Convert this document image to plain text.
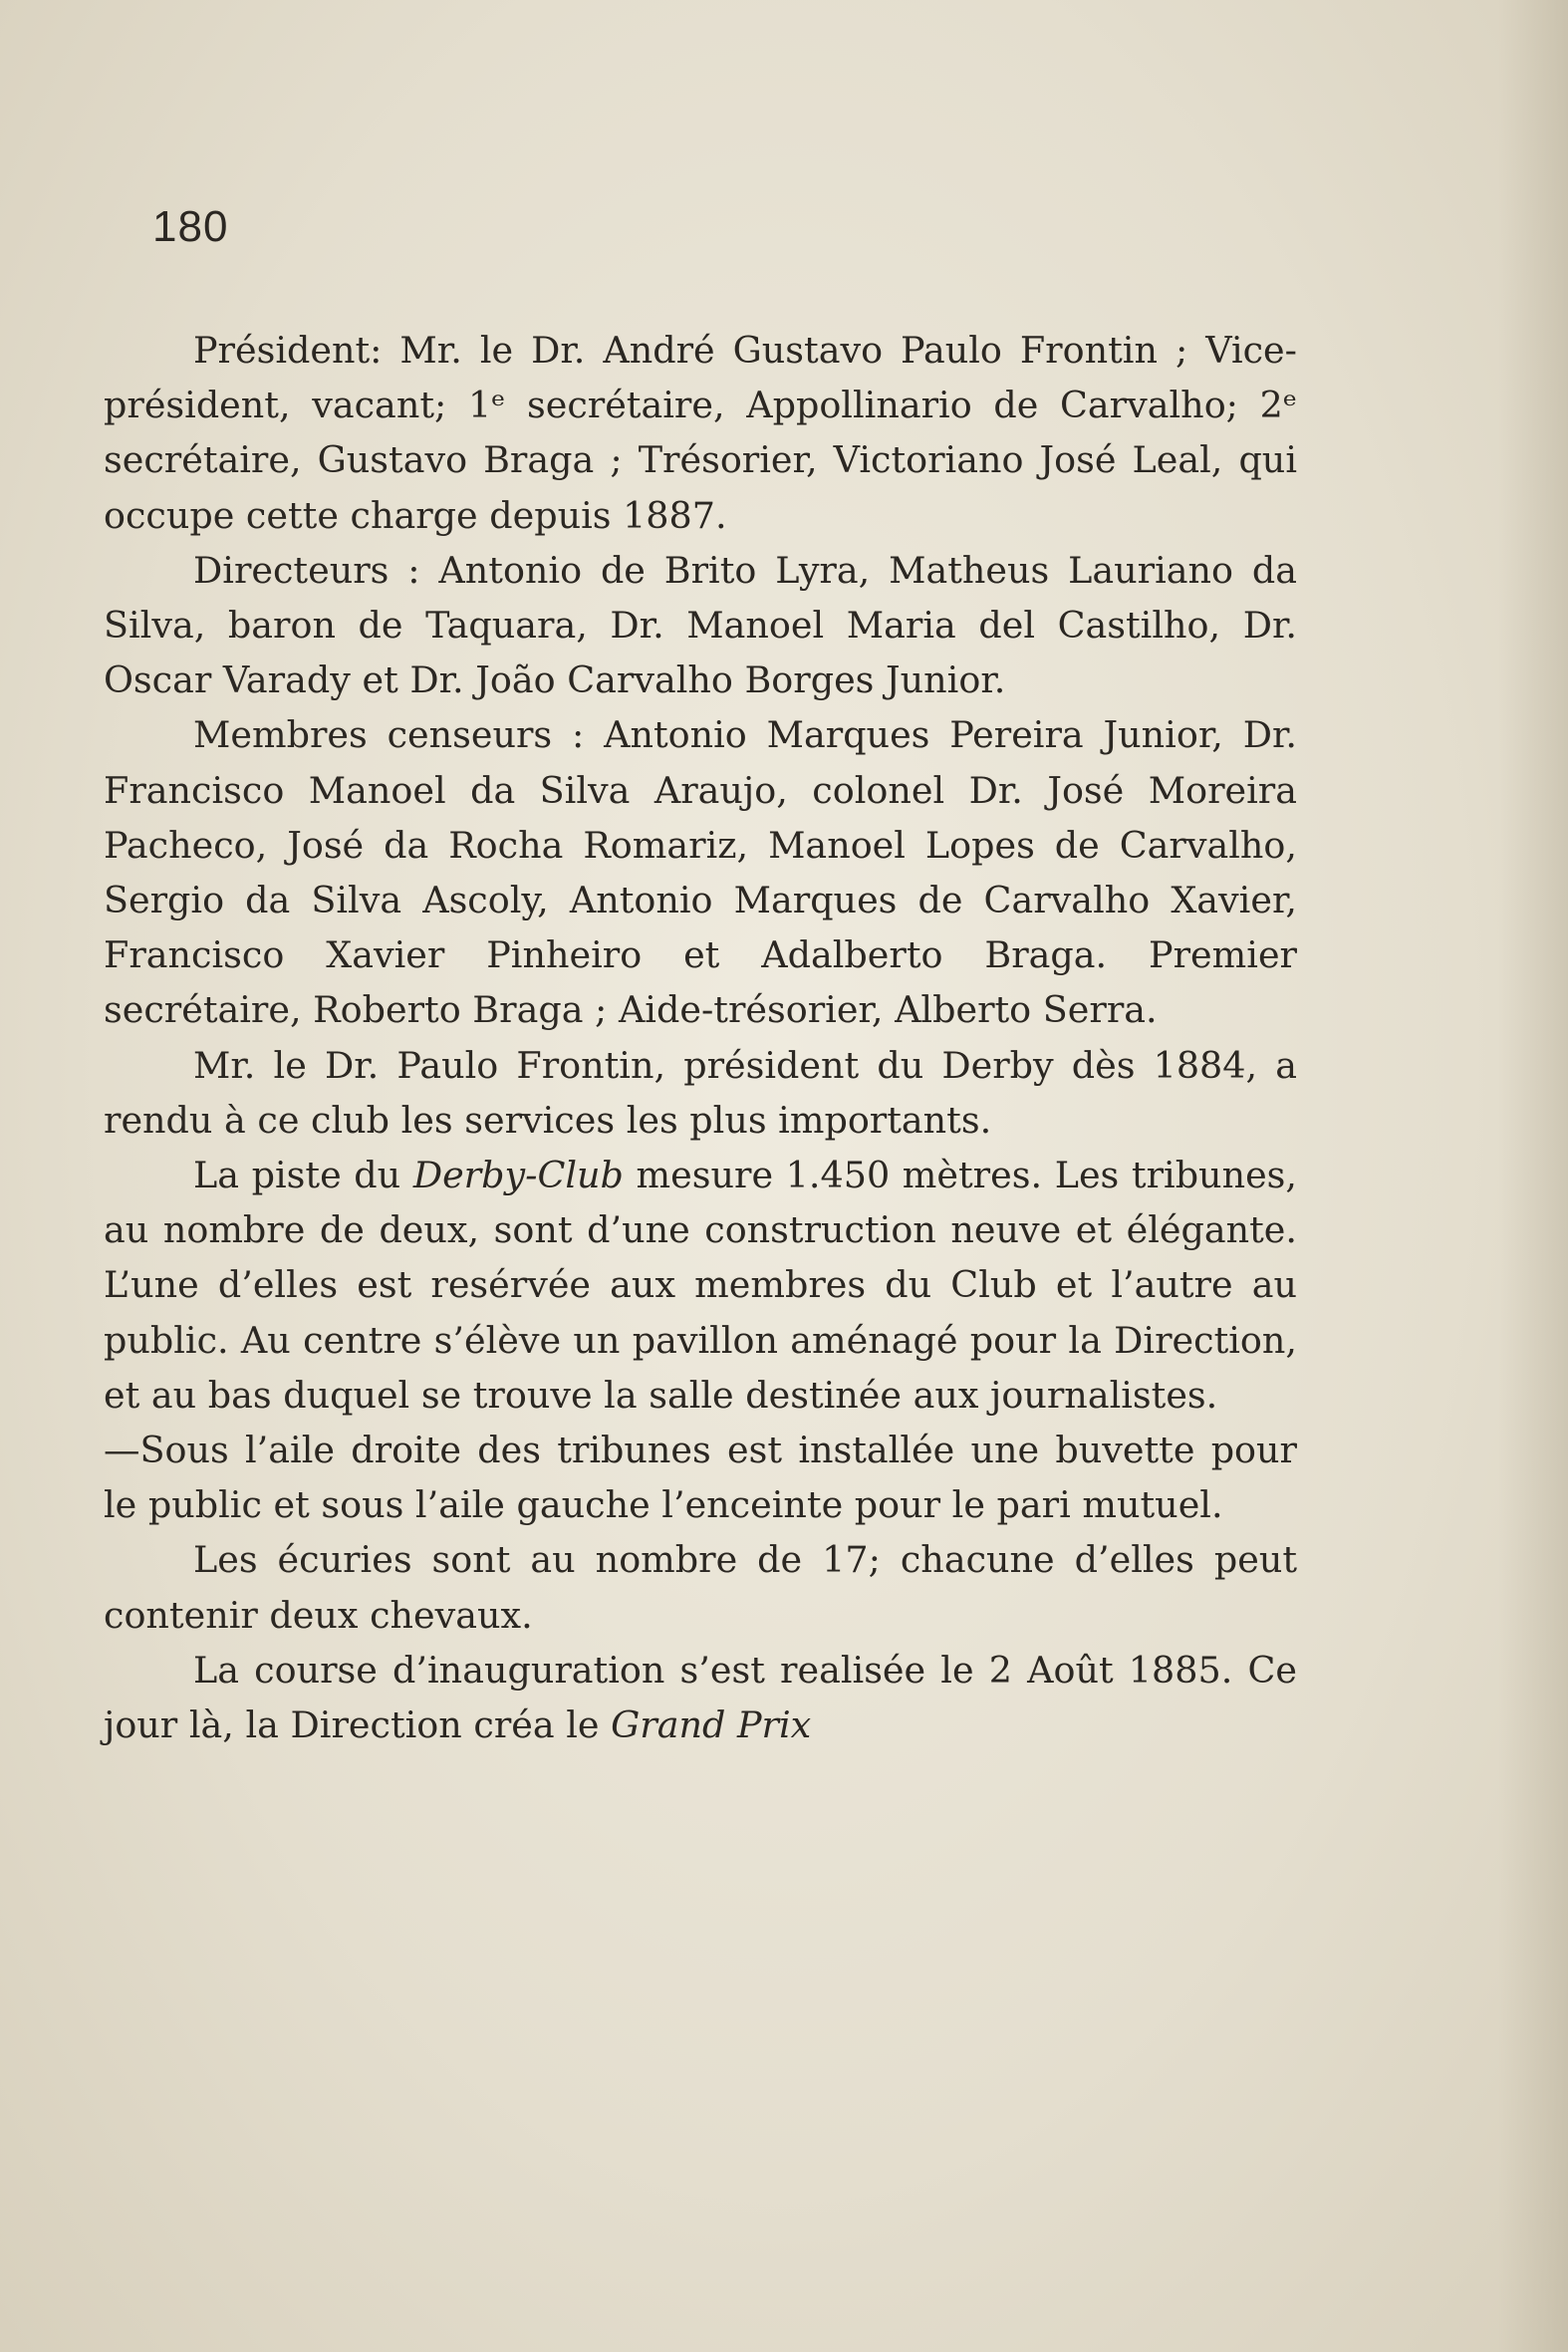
180

Président: Mr. le Dr. André Gustavo Paulo Frontin ; Vice-président, vacant; 1ᵉ secrétaire, Appollinario de Carvalho; 2ᵉ secrétaire, Gustavo Braga ; Trésorier, Victoriano José Leal, qui occupe cette charge depuis 1887.

Directeurs : Antonio de Brito Lyra, Matheus Lauriano da Silva, baron de Taquara, Dr. Manoel Maria del Castilho, Dr. Oscar Varady et Dr. João Carvalho Borges Junior.

Membres censeurs : Antonio Marques Pereira Junior, Dr. Francisco Manoel da Silva Araujo, colonel Dr. José Moreira Pacheco, José da Rocha Romariz, Manoel Lopes de Carvalho, Sergio da Silva Ascoly, Antonio Marques de Carvalho Xavier, Francisco Xavier Pinheiro et Adalberto Braga. Premier secrétaire, Roberto Braga ; Aide-trésorier, Alberto Serra.

Mr. le Dr. Paulo Frontin, président du Derby dès 1884, a rendu à ce club les services les plus importants.

La piste du Derby-Club mesure 1.450 mètres. Les tribunes, au nombre de deux, sont d’une construction neuve et élégante. L’une d’elles est resérvée aux membres du Club et l’autre au public. Au centre s’élève un pavillon aménagé pour la Direction, et au bas duquel se trouve la salle destinée aux journalistes.

—Sous l’aile droite des tribunes est installée une buvette pour le public et sous l’aile gauche l’enceinte pour le pari mutuel.

Les écuries sont au nombre de 17; chacune d’elles peut contenir deux chevaux.

La course d’inauguration s’est realisée le 2 Août 1885. Ce jour là, la Direction créa le Grand Prix
